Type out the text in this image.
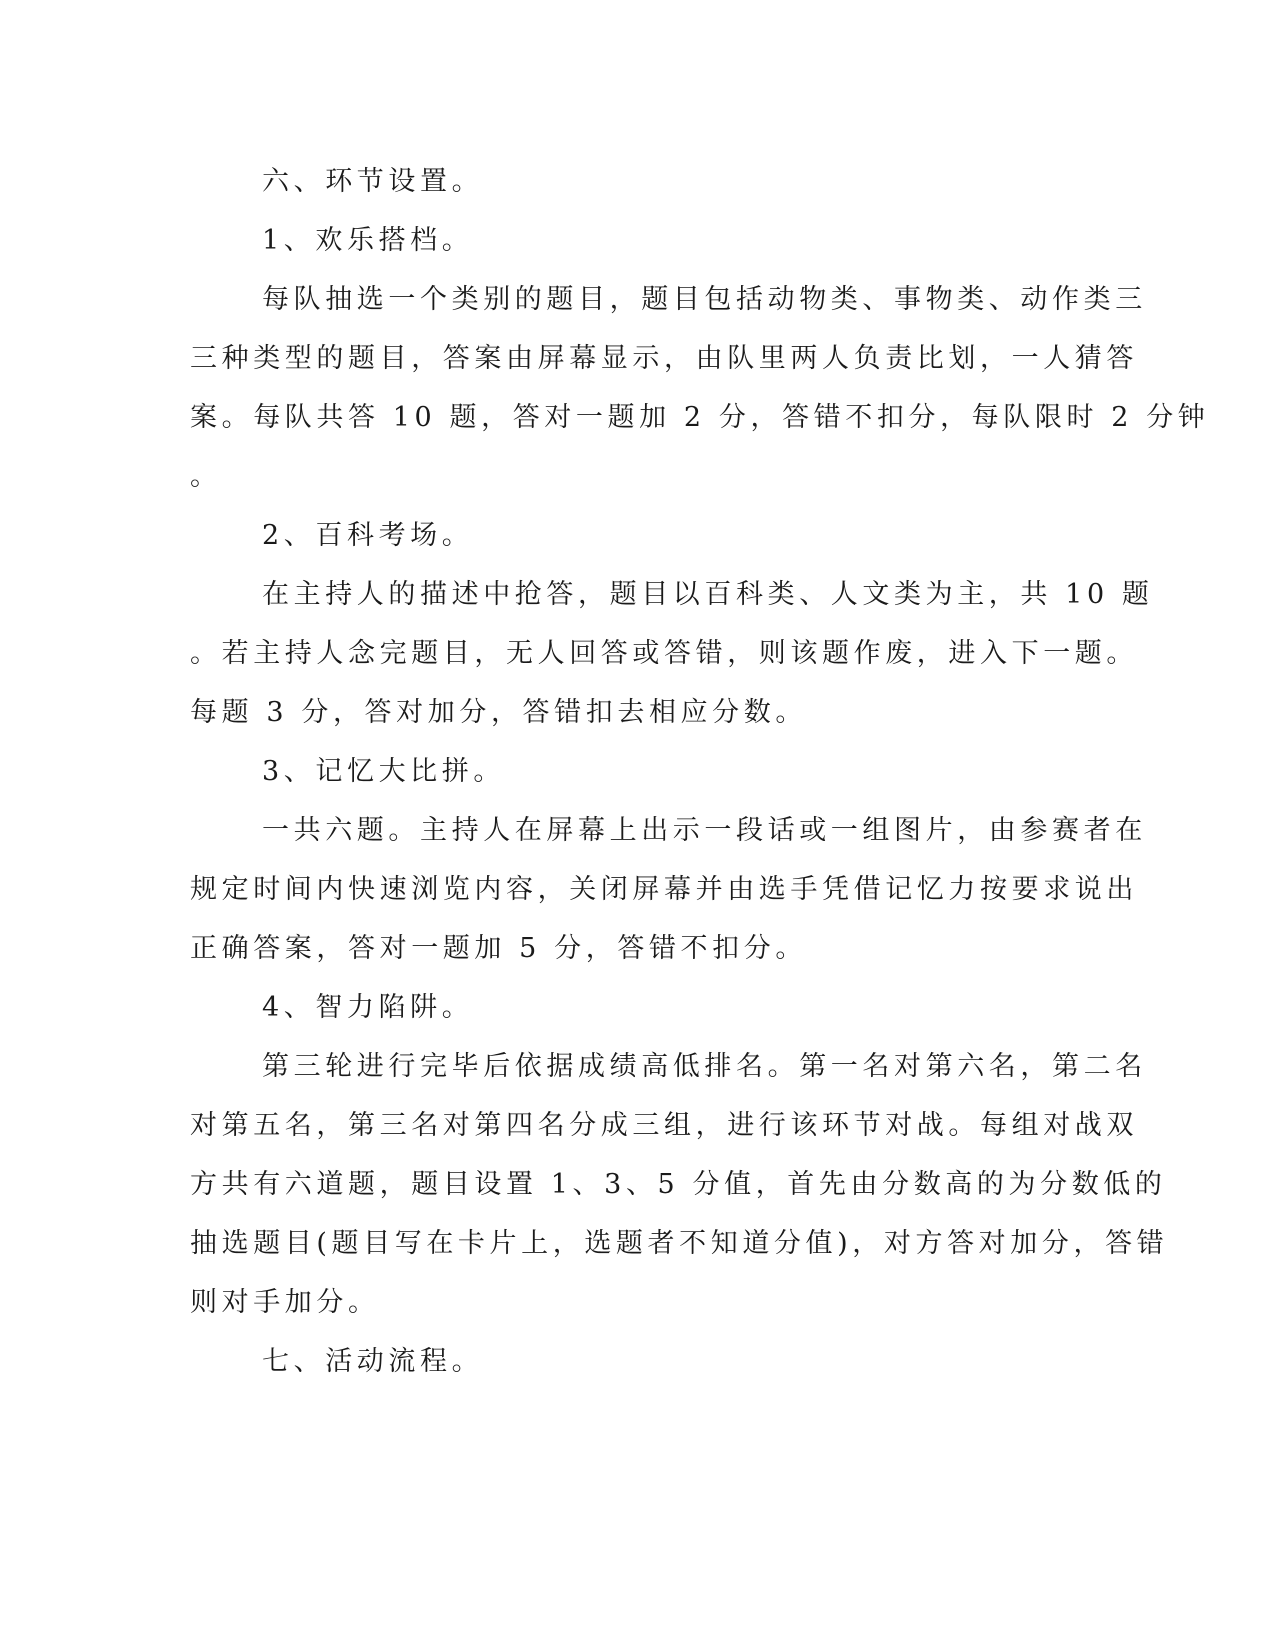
六、环节设置。
1、欢乐搭档。
每队抽选一个类别的题目，题目包括动物类、事物类、动作类三
三种类型的题目，答案由屏幕显示，由队里两人负责比划，一人猜答
案。每队共答 10 题，答对一题加 2 分，答错不扣分，每队限时 2 分钟
。
2、百科考场。
在主持人的描述中抢答，题目以百科类、人文类为主，共 10 题
。若主持人念完题目，无人回答或答错，则该题作废，进入下一题。
每题 3 分，答对加分，答错扣去相应分数。
3、记忆大比拼。
一共六题。主持人在屏幕上出示一段话或一组图片，由参赛者在
规定时间内快速浏览内容，关闭屏幕并由选手凭借记忆力按要求说出
正确答案，答对一题加 5 分，答错不扣分。
4、智力陷阱。
第三轮进行完毕后依据成绩高低排名。第一名对第六名，第二名
对第五名，第三名对第四名分成三组，进行该环节对战。每组对战双
方共有六道题，题目设置 1、3、5 分值，首先由分数高的为分数低的
抽选题目(题目写在卡片上，选题者不知道分值)，对方答对加分，答错
则对手加分。
七、活动流程。
